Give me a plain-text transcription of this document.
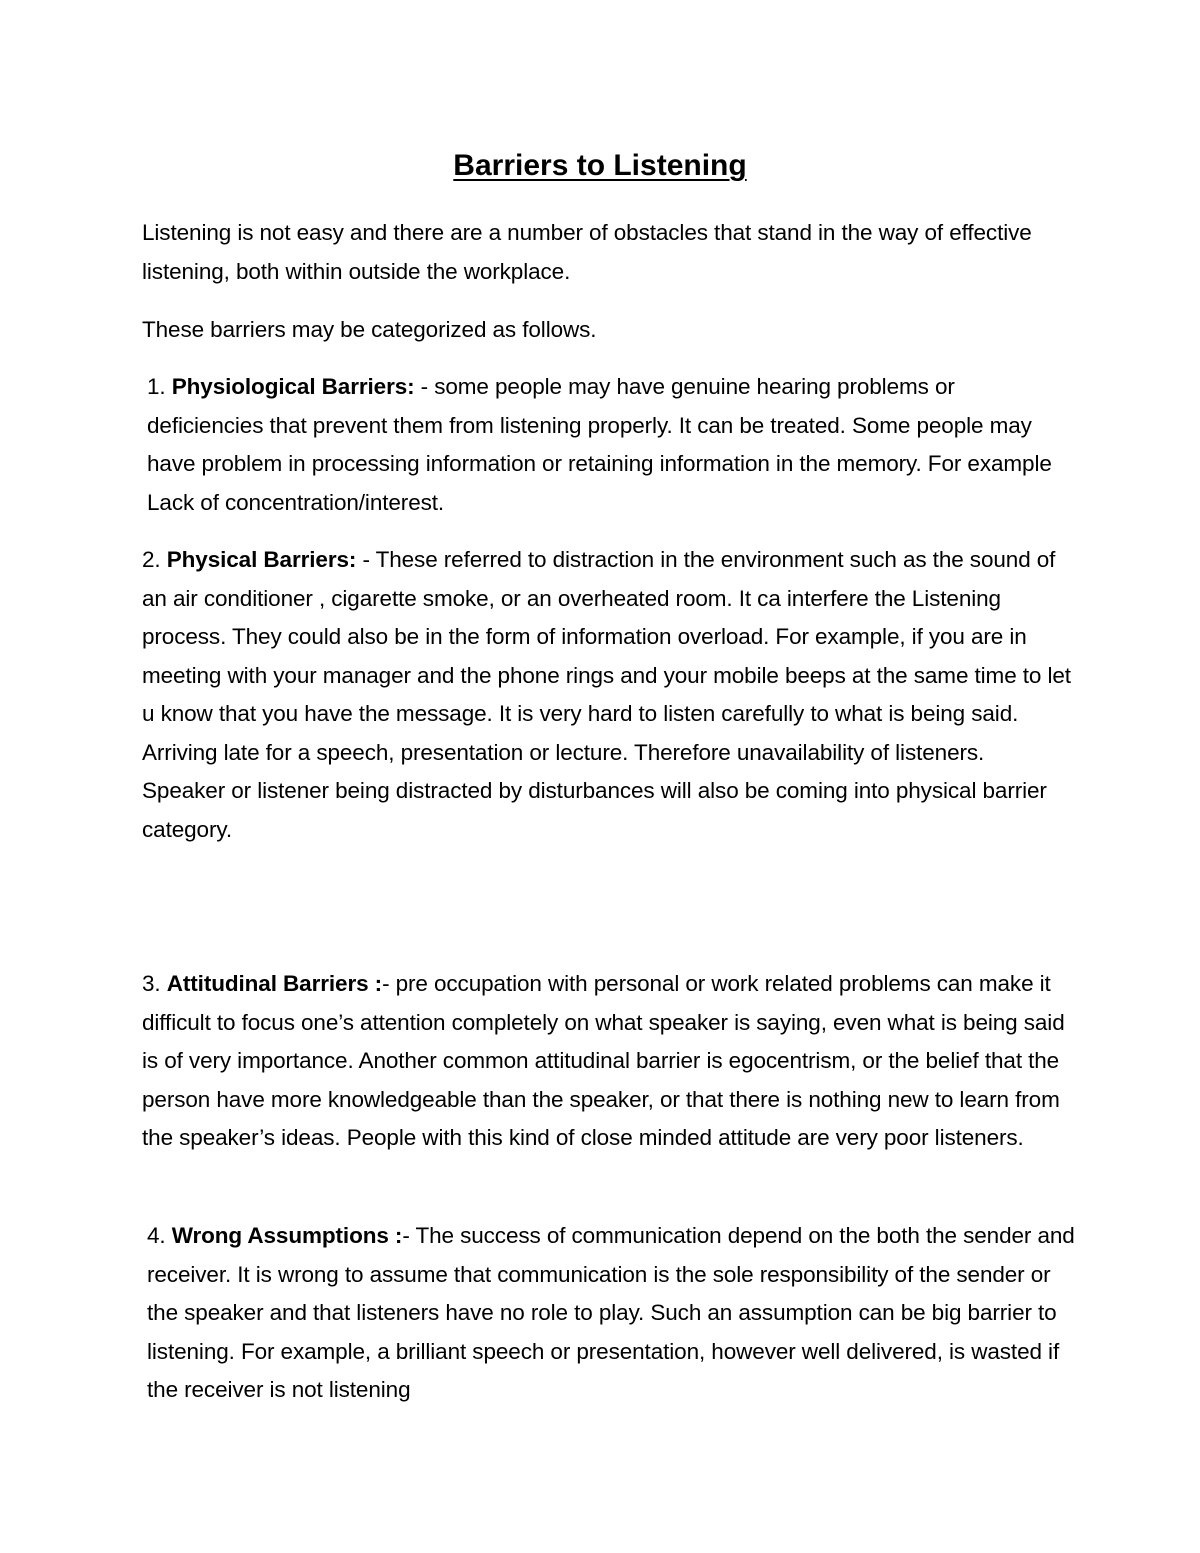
Barriers to Listening

Listening is not easy and there are a number of obstacles that stand in the way of effective listening, both within outside the workplace.

These barriers may be categorized as follows.

1. Physiological Barriers: - some people may have genuine hearing problems or deficiencies that prevent them from listening properly. It can be treated. Some people may have problem in processing information or retaining information in the memory. For example Lack of concentration/interest.

2. Physical Barriers: - These referred to distraction in the environment such as the sound of an air conditioner , cigarette smoke, or an overheated room. It ca interfere the Listening process. They could also be in the form of information overload. For example, if you are in meeting with your manager and the phone rings and your mobile beeps at the same time to let u know that you have the message. It is very hard to listen carefully to what is being said. Arriving late for a speech, presentation or lecture. Therefore unavailability of listeners. Speaker or listener being distracted by disturbances will also be coming into physical barrier category.

3. Attitudinal Barriers :- pre occupation with personal or work related problems can make it difficult to focus one’s attention completely on what speaker is saying, even what is being said is of very importance. Another common attitudinal barrier is egocentrism, or the belief that the person have more knowledgeable than the speaker, or that there is nothing new to learn from the speaker’s ideas. People with this kind of close minded attitude are very poor listeners.

4. Wrong Assumptions :- The success of communication depend on the both the sender and receiver. It is wrong to assume that communication is the sole responsibility of the sender or the speaker and that listeners have no role to play. Such an assumption can be big barrier to listening. For example, a brilliant speech or presentation, however well delivered, is wasted if the receiver is not listening
